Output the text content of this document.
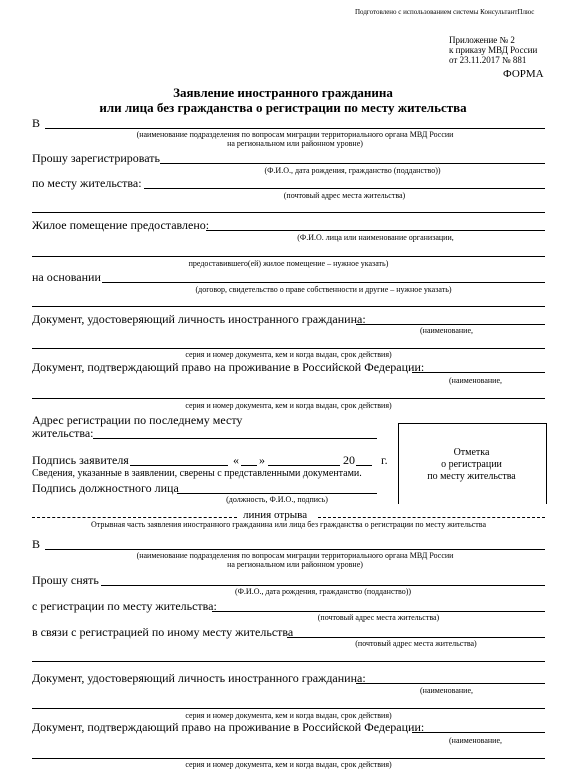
Подготовлено с использованием системы КонсультантПлюс
Приложение № 2
к приказу МВД России
от 23.11.2017 № 881
ФОРМА
Заявление иностранного гражданина
или лица без гражданства о регистрации по месту жительства
В
(наименование подразделения по вопросам миграции территориального органа МВД России
на региональном или районном уровне)
Прошу зарегистрировать
(Ф.И.О., дата рождения, гражданство (подданство))
по месту жительства:
(почтовый адрес места жительства)
Жилое помещение предоставлено:
(Ф.И.О. лица или наименование организации,
предоставившего(ей) жилое помещение – нужное указать)
на основании
(договор, свидетельство о праве собственности и другие – нужное указать)
Документ, удостоверяющий личность иностранного гражданина:
(наименование,
серия и номер документа, кем и когда выдан, срок действия)
Документ, подтверждающий право на проживание в Российской Федерации:
(наименование,
серия и номер документа, кем и когда выдан, срок действия)
Адрес регистрации по последнему месту
жительства:
Отметка
о регистрации
по месту жительства
Подпись заявителя	« »	20 г.
Сведения, указанные в заявлении, сверены с представленными документами.
Подпись должностного лица
(должность, Ф.И.О., подпись)
линия отрыва
Отрывная часть заявления иностранного гражданина или лица без гражданства о регистрации по месту жительства
В
(наименование подразделения по вопросам миграции территориального органа МВД России
на региональном или районном уровне)
Прошу снять
(Ф.И.О., дата рождения, гражданство (подданство))
с регистрации по месту жительства:
(почтовый адрес места жительства)
в связи с регистрацией по иному месту жительства
(почтовый адрес места жительства)
Документ, удостоверяющий личность иностранного гражданина:
(наименование,
серия и номер документа, кем и когда выдан, срок действия)
Документ, подтверждающий право на проживание в Российской Федерации:
(наименование,
серия и номер документа, кем и когда выдан, срок действия)
